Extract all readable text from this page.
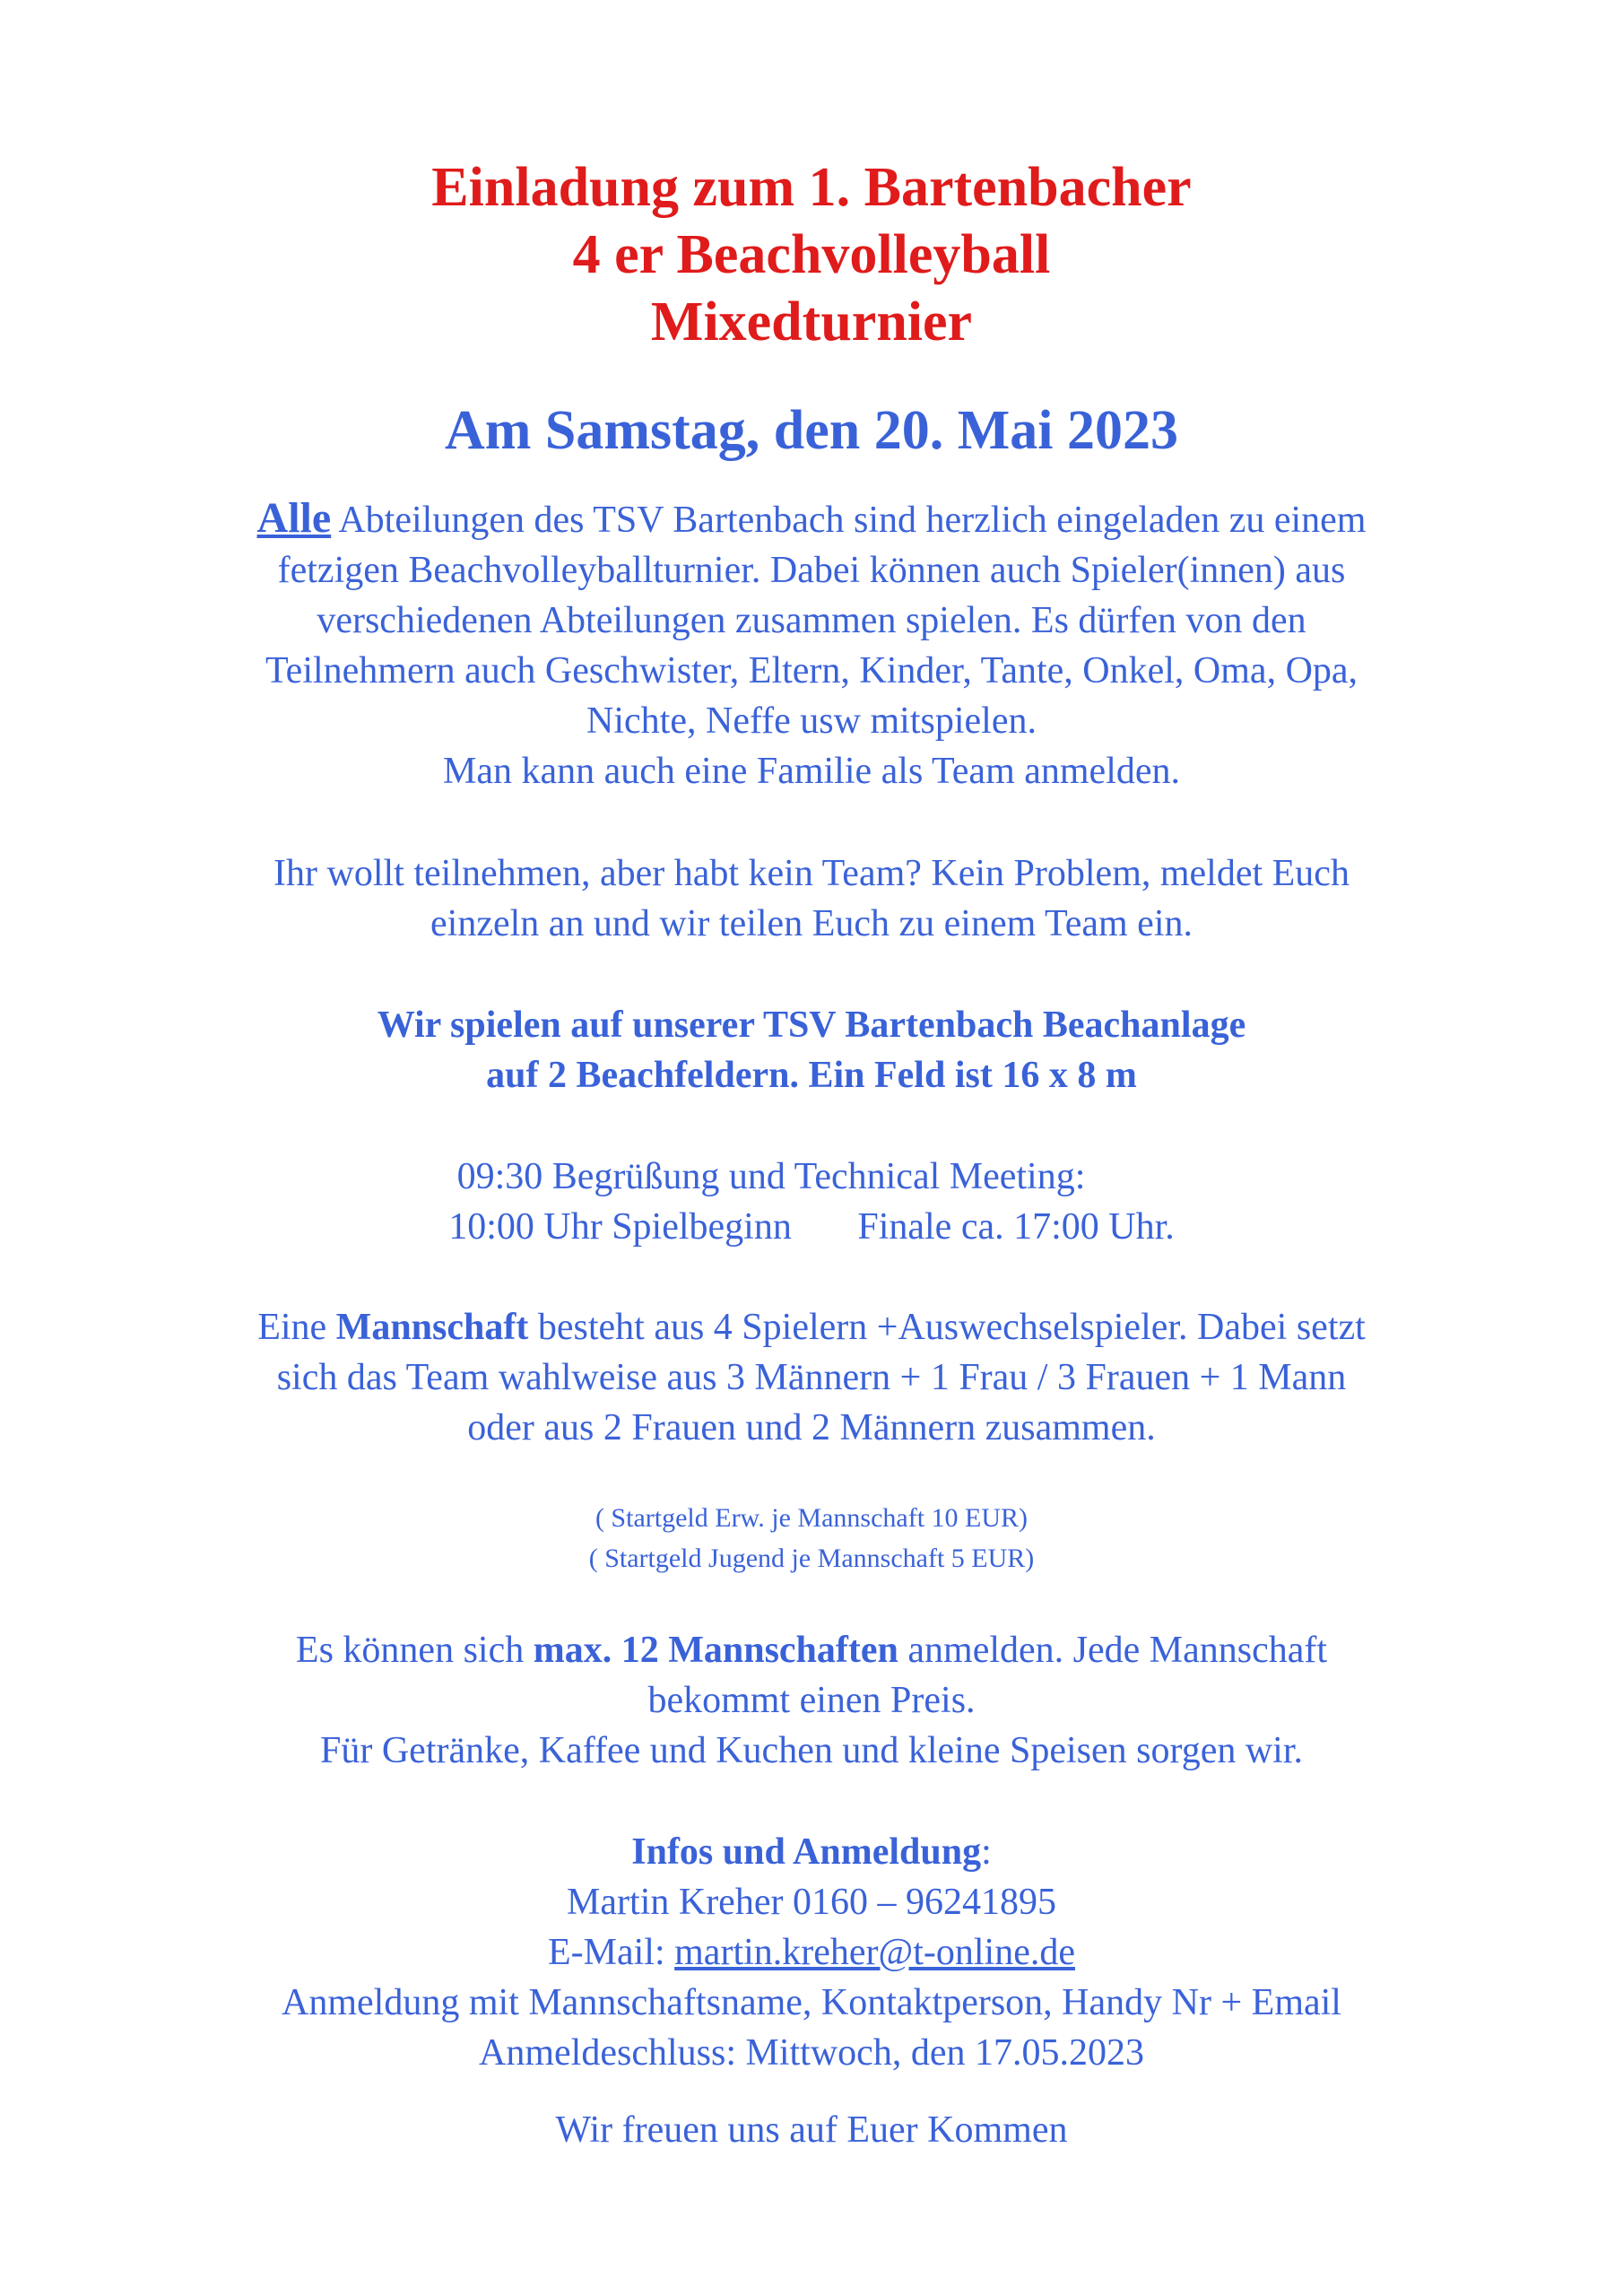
Einladung zum 1. Bartenbacher
4 er Beachvolleyball
Mixedturnier
Am Samstag, den 20. Mai 2023
Alle Abteilungen des TSV Bartenbach sind herzlich eingeladen zu einem
fetzigen Beachvolleyballturnier. Dabei können auch Spieler(innen) aus
verschiedenen Abteilungen zusammen spielen. Es dürfen von den
Teilnehmern auch Geschwister, Eltern, Kinder, Tante, Onkel, Oma, Opa,
Nichte, Neffe usw mitspielen.
Man kann auch eine Familie als Team anmelden.
Ihr wollt teilnehmen, aber habt kein Team? Kein Problem, meldet Euch
einzeln an und wir teilen Euch zu einem Team ein.
Wir spielen auf unserer TSV Bartenbach Beachanlage
auf 2 Beachfeldern. Ein Feld ist 16 x 8 m
09:30 Begrüßung und Technical Meeting:
10:00 Uhr Spielbeginn       Finale ca. 17:00 Uhr.
Eine Mannschaft besteht aus 4 Spielern +Auswechselspieler. Dabei setzt
sich das Team wahlweise aus 3 Männern + 1 Frau / 3 Frauen + 1 Mann
oder aus 2 Frauen und 2 Männern zusammen.
( Startgeld Erw. je Mannschaft 10 EUR)
( Startgeld Jugend je Mannschaft 5 EUR)
Es können sich max. 12 Mannschaften anmelden. Jede Mannschaft
bekommt einen Preis.
Für Getränke, Kaffee und Kuchen und kleine Speisen sorgen wir.
Infos und Anmeldung:
Martin Kreher 0160 – 96241895
E-Mail: martin.kreher@t-online.de
Anmeldung mit Mannschaftsname, Kontaktperson, Handy Nr + Email
Anmeldeschluss: Mittwoch, den 17.05.2023
Wir freuen uns auf Euer Kommen
